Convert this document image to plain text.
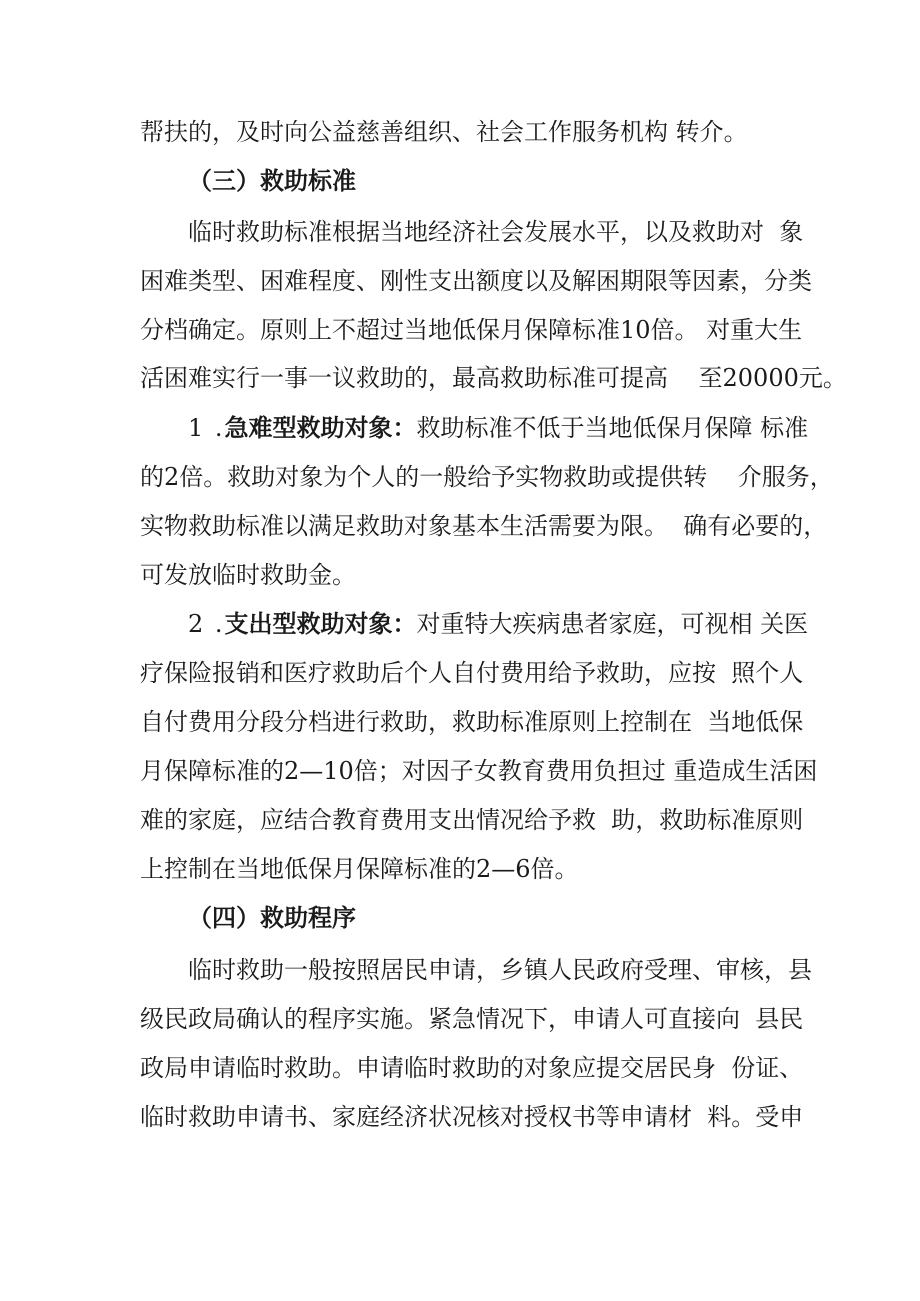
帮扶的，及时向公益慈善组织、社会工作服务机构 转介。
（三）救助标准
临时救助标准根据当地经济社会发展水平，以及救助对  象
困难类型、困难程度、刚性支出额度以及解困期限等因素，分类
分档确定。原则上不超过当地低保月保障标准10倍。 对重大生
活困难实行一事一议救助的，最高救助标准可提高    至20000元。
1 .急难型救助对象：救助标准不低于当地低保月保障 标准
的2倍。救助对象为个人的一般给予实物救助或提供转    介服务，
实物救助标准以满足救助对象基本生活需要为限。  确有必要的，
可发放临时救助金。
2 .支出型救助对象：对重特大疾病患者家庭，可视相 关医
疗保险报销和医疗救助后个人自付费用给予救助，应按  照个人
自付费用分段分档进行救助，救助标准原则上控制在  当地低保
月保障标准的2—10倍；对因子女教育费用负担过 重造成生活困
难的家庭，应结合教育费用支出情况给予救  助，救助标准原则
上控制在当地低保月保障标准的2—6倍。
（四）救助程序
临时救助一般按照居民申请，乡镇人民政府受理、审核，县
级民政局确认的程序实施。紧急情况下，申请人可直接向  县民
政局申请临时救助。申请临时救助的对象应提交居民身  份证、
临时救助申请书、家庭经济状况核对授权书等申请材  料。受申
